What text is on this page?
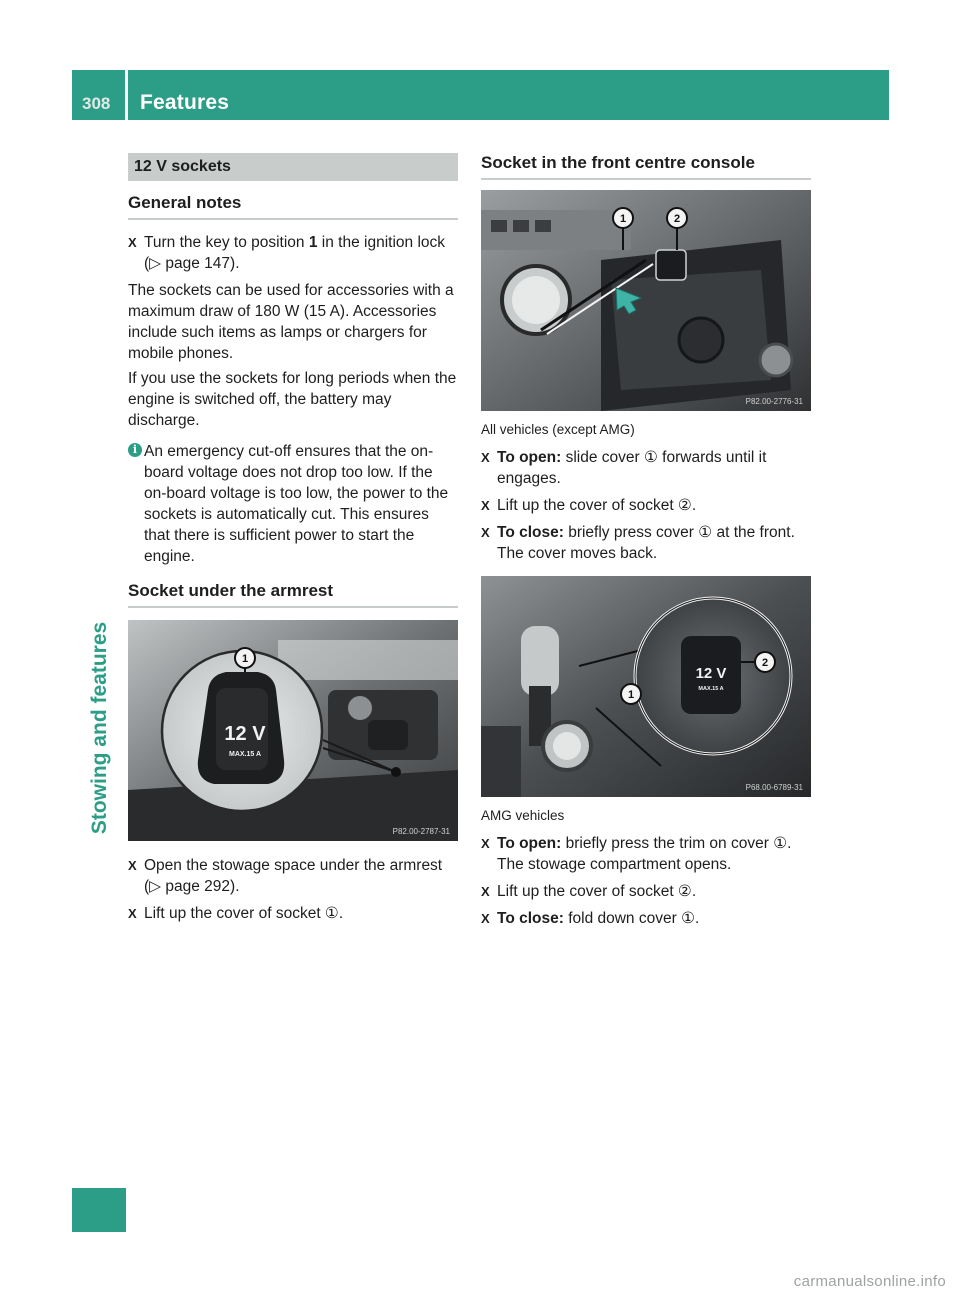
308 Features
Stowing and features
12 V sockets
General notes
X Turn the key to position 1 in the ignition lock (▷ page 147).

The sockets can be used for accessories with a maximum draw of 180 W (15 A). Accessories include such items as lamps or chargers for mobile phones.

If you use the sockets for long periods when the engine is switched off, the battery may discharge.

i An emergency cut-off ensures that the on-board voltage does not drop too low. If the on-board voltage is too low, the power to the sockets is automatically cut. This ensures that there is sufficient power to start the engine.
Socket under the armrest
12 V
MAX.15 A
1
P82.00-2787-31
X Open the stowage space under the armrest (▷ page 292).
X Lift up the cover of socket ①.
Socket in the front centre console
1	2
P82.00-2776-31
All vehicles (except AMG)
X To open: slide cover ① forwards until it engages.
X Lift up the cover of socket ②.
X To close: briefly press cover ① at the front.
The cover moves back.
12 V
MAX.15 A
2
1
P68.00-6789-31
AMG vehicles
X To open: briefly press the trim on cover ①.
The stowage compartment opens.
X Lift up the cover of socket ②.
X To close: fold down cover ①.
carmanualsonline.info
